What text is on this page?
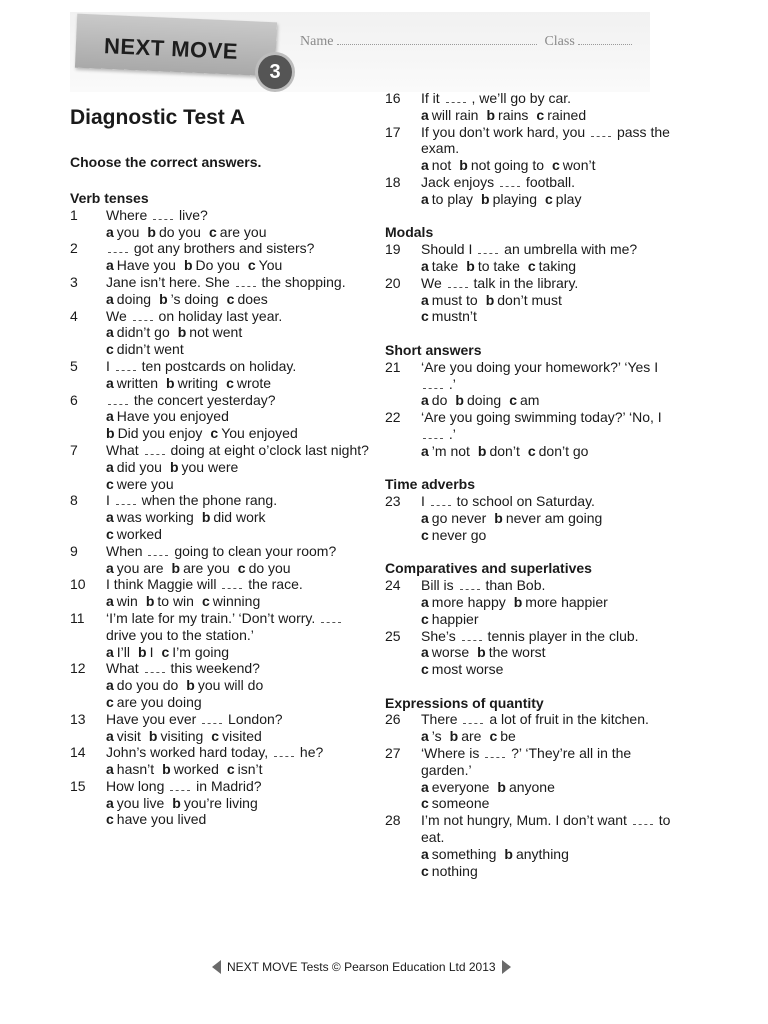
NEXT MOVE
3
Name	Class
Diagnostic Test A
Choose the correct answers.
Verb tenses
1 Where  live?
a you b do you c are you
2	got any brothers and sisters?
a Have you b Do you c You
3 Jane isn’t here. She  the shopping.
a doing b ’s doing c does
4 We  on holiday last year.
a didn’t go b not went
c didn’t went
5 I  ten postcards on holiday.
a written b writing c wrote
6	the concert yesterday?
a Have you enjoyed
b Did you enjoy c You enjoyed
7 What  doing at eight o’clock last night?
a did you b you were
c were you
8 I  when the phone rang.
a was working b did work
c worked
9 When  going to clean your room?
a you are b are you c do you
10 I think Maggie will  the race.
a win b to win c winning
11 ‘I’m late for my train.’ ‘Don’t worry.  drive you to the station.’
a I’ll b I c I’m going
12 What  this weekend?
a do you do b you will do
c are you doing
13 Have you ever  London?
a visit b visiting c visited
14 John’s worked hard today,  he?
a hasn’t b worked c isn’t
15 How long  in Madrid?
a you live b you’re living
c have you lived
16 If it  , we’ll go by car.
a will rain b rains c rained
17 If you don’t work hard, you  pass the exam.
a not b not going to c won’t
18 Jack enjoys  football.
a to play b playing c play
Modals
19 Should I  an umbrella with me?
a take b to take c taking
20 We  talk in the library.
a must to b don’t must
c mustn’t
Short answers
21 ‘Are you doing your homework?’ ‘Yes I  .’
a do b doing c am
22 ‘Are you going swimming today?’ ‘No, I  .’
a ’m not b don’t c don’t go
Time adverbs
23 I  to school on Saturday.
a go never b never am going
c never go
Comparatives and superlatives
24 Bill is  than Bob.
a more happy b more happier
c happier
25 She’s  tennis player in the club.
a worse b the worst
c most worse
Expressions of quantity
26 There  a lot of fruit in the kitchen.
a ’s b are c be
27 ‘Where is  ?’ ‘They’re all in the garden.’
a everyone b anyone
c someone
28 I’m not hungry, Mum. I don’t want  to eat.
a something b anything
c nothing
NEXT MOVE Tests © Pearson Education Ltd 2013
